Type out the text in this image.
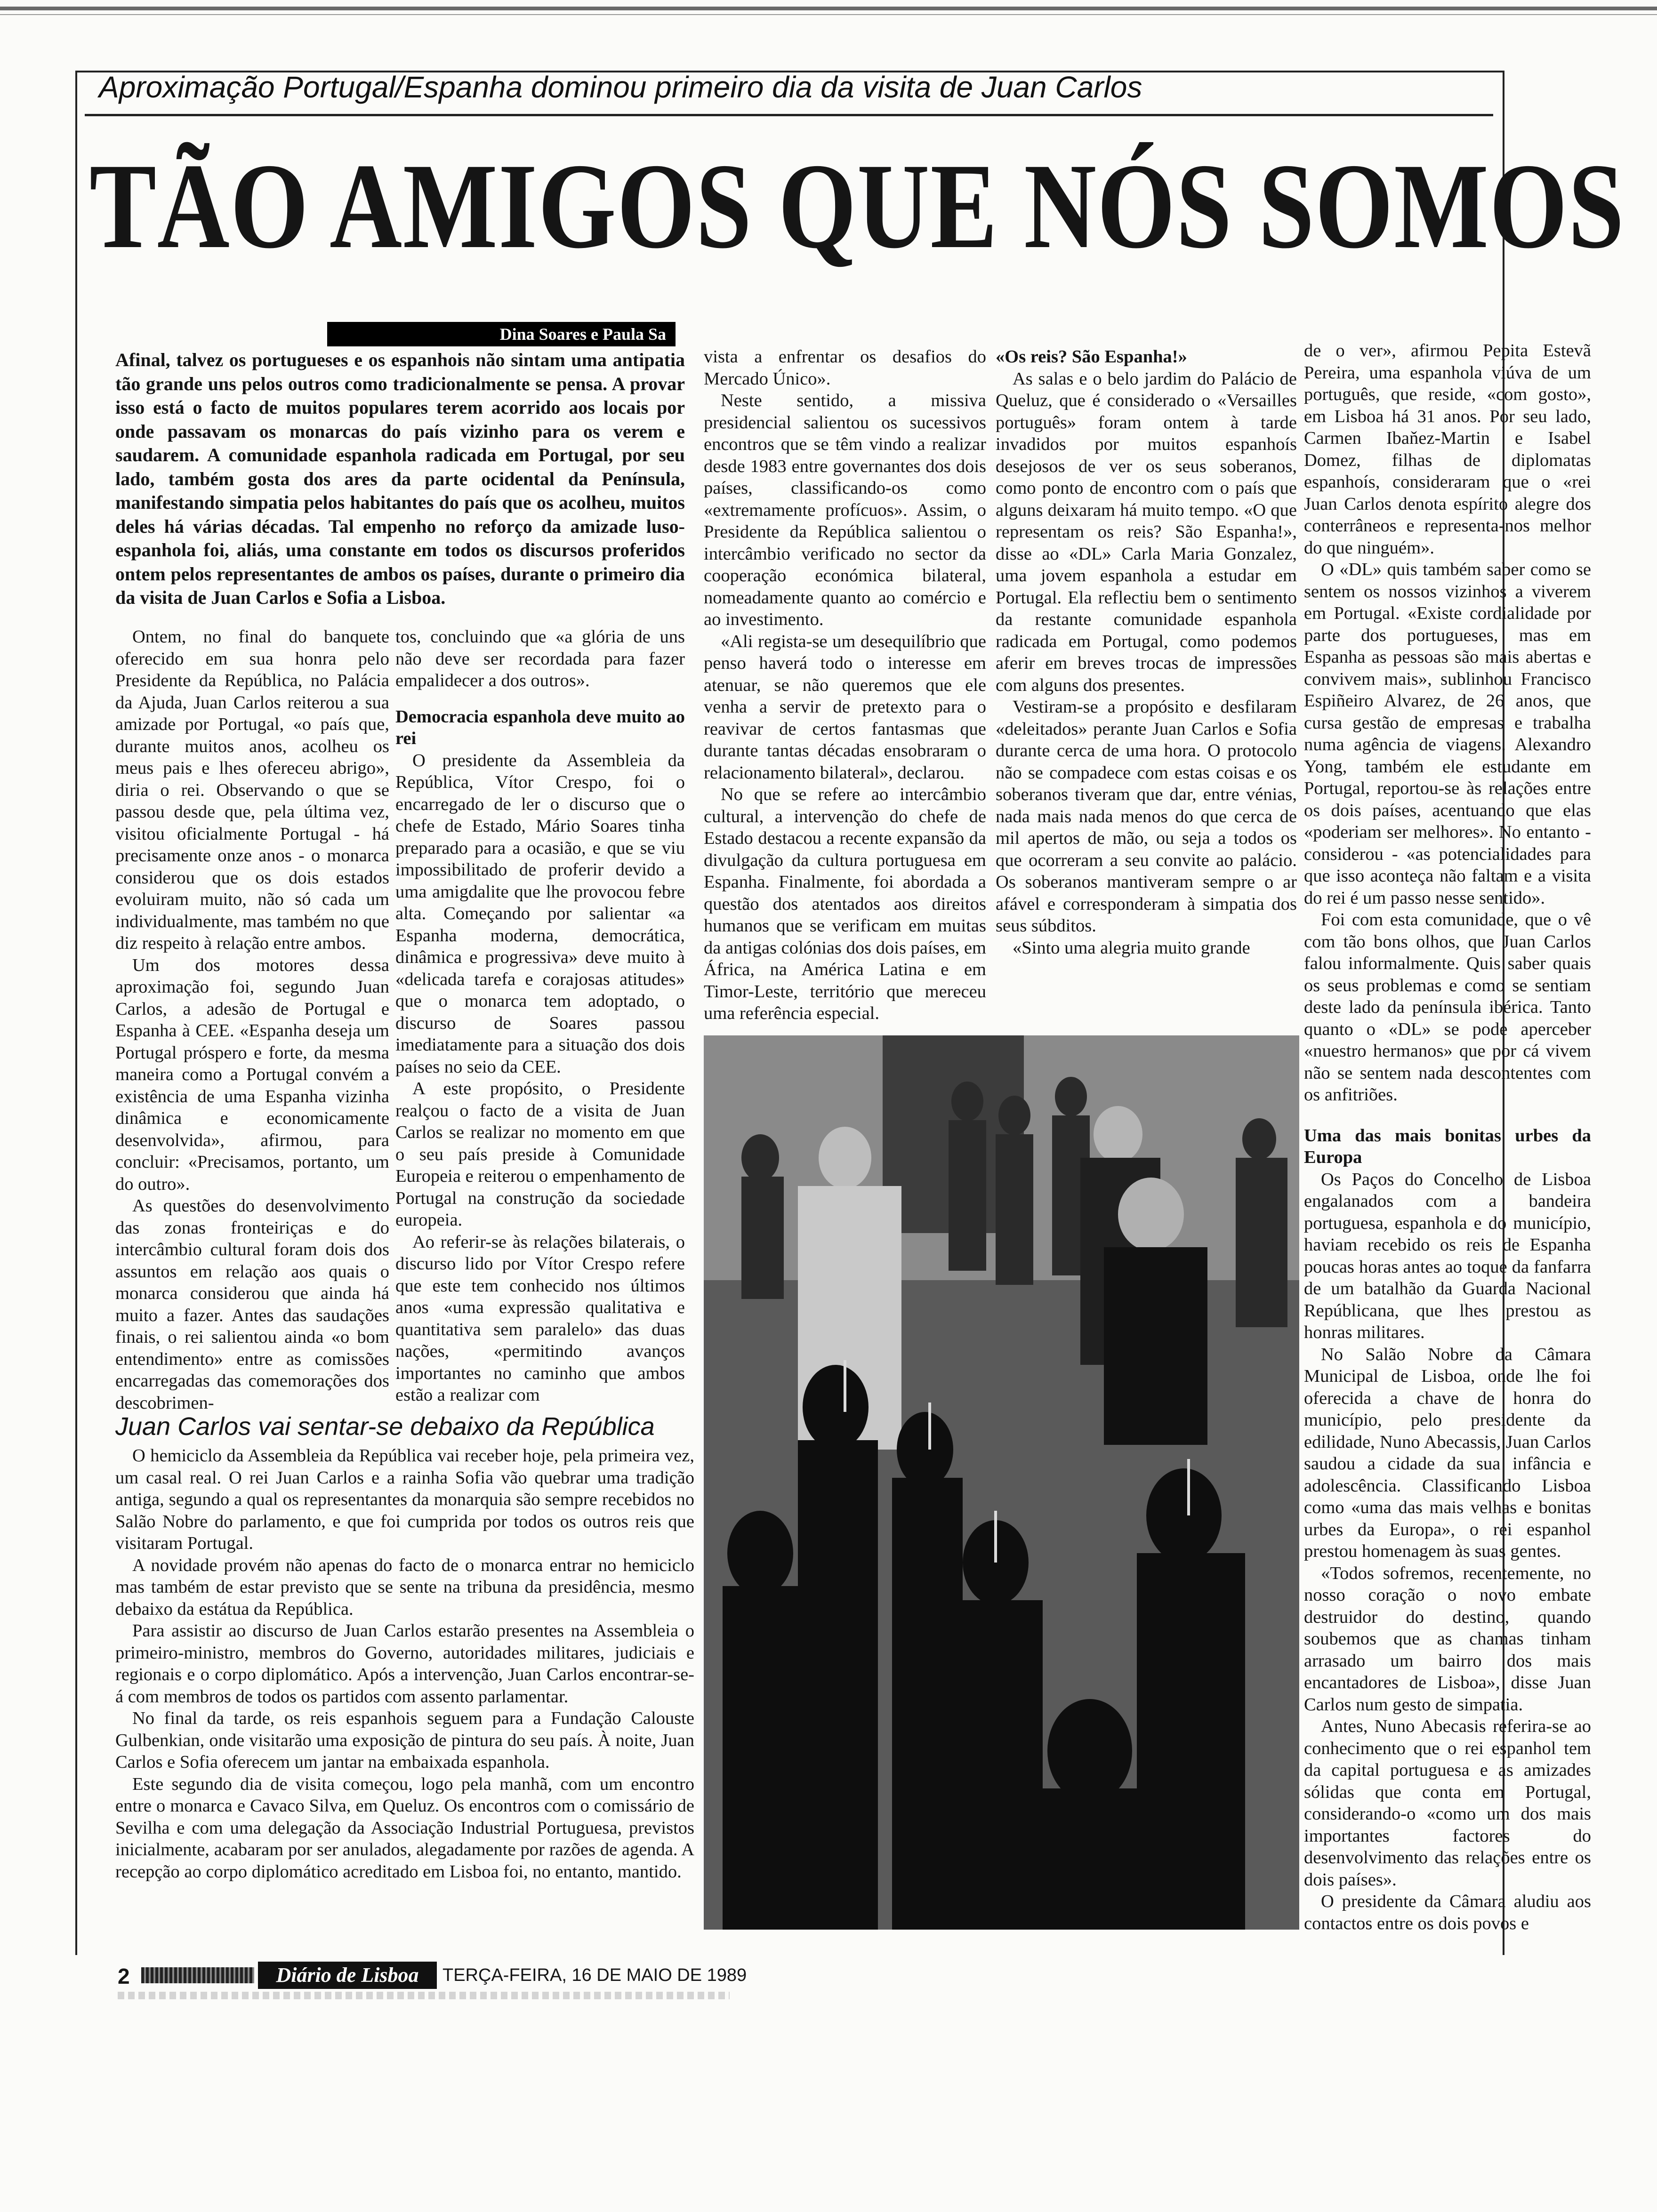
Aproximação Portugal/Espanha dominou primeiro dia da visita de Juan Carlos
TÃO AMIGOS QUE NÓS SOMOS
Dina Soares e Paula Sa
Afinal, talvez os portugueses e os espanhois não sintam uma antipatia tão grande uns pelos outros como tradicionalmente se pensa. A provar isso está o facto de muitos populares terem acorrido aos locais por onde passavam os monarcas do país vizinho para os verem e saudarem. A comunidade espanhola radicada em Portugal, por seu lado, também gosta dos ares da parte ocidental da Península, manifestando simpatia pelos habitantes do país que os acolheu, muitos deles há várias décadas. Tal empenho no reforço da amizade luso-espanhola foi, aliás, uma constante em todos os discursos proferidos ontem pelos representantes de ambos os países, durante o primeiro dia da visita de Juan Carlos e Sofia a Lisboa.

Ontem, no final do banquete oferecido em sua honra pelo Presidente da República, no Palácia da Ajuda, Juan Carlos reiterou a sua amizade por Portugal, «o país que, durante muitos anos, acolheu os meus pais e lhes ofereceu abrigo», diria o rei. Observando o que se passou desde que, pela última vez, visitou oficialmente Portugal - há precisamente onze anos - o monarca considerou que os dois estados evoluiram muito, não só cada um individualmente, mas também no que diz respeito à relação entre ambos.

Um dos motores dessa aproximação foi, segundo Juan Carlos, a adesão de Portugal e Espanha à CEE. «Espanha deseja um Portugal próspero e forte, da mesma maneira como a Portugal convém a existência de uma Espanha vizinha dinâmica e economicamente desenvolvida», afirmou, para concluir: «Precisamos, portanto, um do outro».

As questões do desenvolvimento das zonas fronteiriças e do intercâmbio cultural foram dois dos assuntos em relação aos quais o monarca considerou que ainda há muito a fazer. Antes das saudações finais, o rei salientou ainda «o bom entendimento» entre as comissões encarregadas das comemorações dos descobrimen-

tos, concluindo que «a glória de uns não deve ser recordada para fazer empalidecer a dos outros».

Democracia espanhola deve muito ao rei

O presidente da Assembleia da República, Vítor Crespo, foi o encarregado de ler o discurso que o chefe de Estado, Mário Soares tinha preparado para a ocasião, e que se viu impossibilitado de proferir devido a uma amigdalite que lhe provocou febre alta. Começando por salientar «a Espanha moderna, democrática, dinâmica e progressiva» deve muito à «delicada tarefa e corajosas atitudes» que o monarca tem adoptado, o discurso de Soares passou imediatamente para a situação dos dois países no seio da CEE.

A este propósito, o Presidente realçou o facto de a visita de Juan Carlos se realizar no momento em que o seu país preside à Comunidade Europeia e reiterou o empenhamento de Portugal na construção da sociedade europeia.

Ao referir-se às relações bilaterais, o discurso lido por Vítor Crespo refere que este tem conhecido nos últimos anos «uma expressão qualitativa e quantitativa sem paralelo» das duas nações, «permitindo avanços importantes no caminho que ambos estão a realizar com

vista a enfrentar os desafios do Mercado Único».

Neste sentido, a missiva presidencial salientou os sucessivos encontros que se têm vindo a realizar desde 1983 entre governantes dos dois países, classificando-os como «extremamente profícuos». Assim, o Presidente da República salientou o intercâmbio verificado no sector da cooperação económica bilateral, nomeadamente quanto ao comércio e ao investimento.

«Ali regista-se um desequilíbrio que penso haverá todo o interesse em atenuar, se não queremos que ele venha a servir de pretexto para o reavivar de certos fantasmas que durante tantas décadas ensobraram o relacionamento bilateral», declarou.

No que se refere ao intercâmbio cultural, a intervenção do chefe de Estado destacou a recente expansão da divulgação da cultura portuguesa em Espanha. Finalmente, foi abordada a questão dos atentados aos direitos humanos que se verificam em muitas da antigas colónias dos dois países, em África, na América Latina e em Timor-Leste, território que mereceu uma referência especial.

«Os reis? São Espanha!»

As salas e o belo jardim do Palácio de Queluz, que é considerado o «Versailles português» foram ontem à tarde invadidos por muitos espanhoís desejosos de ver os seus soberanos, como ponto de encontro com o país que alguns deixaram há muito tempo. «O que representam os reis? São Espanha!», disse ao «DL» Carla Maria Gonzalez, uma jovem espanhola a estudar em Portugal. Ela reflectiu bem o sentimento da restante comunidade espanhola radicada em Portugal, como podemos aferir em breves trocas de impressões com alguns dos presentes.

Vestiram-se a propósito e desfilaram «deleitados» perante Juan Carlos e Sofia durante cerca de uma hora. O protocolo não se compadece com estas coisas e os soberanos tiveram que dar, entre vénias, nada mais nada menos do que cerca de mil apertos de mão, ou seja a todos os que ocorreram a seu convite ao palácio. Os soberanos mantiveram sempre o ar afável e corresponderam à simpatia dos seus súbditos.

«Sinto uma alegria muito grande

de o ver», afirmou Pepita Estevã Pereira, uma espanhola viúva de um português, que reside, «com gosto», em Lisboa há 31 anos. Por seu lado, Carmen Ibaňez-Martin e Isabel Domez, filhas de diplomatas espanhoís, consideraram que o «rei Juan Carlos denota espírito alegre dos conterrâneos e representa-nos melhor do que ninguém».

O «DL» quis também saber como se sentem os nossos vizinhos a viverem em Portugal. «Existe cordialidade por parte dos portugueses, mas em Espanha as pessoas são mais abertas e convivem mais», sublinhou Francisco Espiñeiro Alvarez, de 26 anos, que cursa gestão de empresas e trabalha numa agência de viagens. Alexandro Yong, também ele estudante em Portugal, reportou-se às relações entre os dois países, acentuando que elas «poderiam ser melhores». No entanto - considerou - «as potencialidades para que isso aconteça não faltam e a visita do rei é um passo nesse sentido».

Foi com esta comunidade, que o vê com tão bons olhos, que Juan Carlos falou informalmente. Quis saber quais os seus problemas e como se sentiam deste lado da península ibérica. Tanto quanto o «DL» se pode aperceber «nuestro hermanos» que por cá vivem não se sentem nada descontentes com os anfitriões.

Uma das mais bonitas urbes da Europa

Os Paços do Concelho de Lisboa engalanados com a bandeira portuguesa, espanhola e do município, haviam recebido os reis de Espanha poucas horas antes ao toque da fanfarra de um batalhão da Guarda Nacional Repúblicana, que lhes prestou as honras militares.

No Salão Nobre da Câmara Municipal de Lisboa, onde lhe foi oferecida a chave de honra do município, pelo presidente da edilidade, Nuno Abecassis, Juan Carlos saudou a cidade da sua infância e adolescência. Classificando Lisboa como «uma das mais velhas e bonitas urbes da Europa», o rei espanhol prestou homenagem às suas gentes.

«Todos sofremos, recentemente, no nosso coração o novo embate destruidor do destino, quando soubemos que as chamas tinham arrasado um bairro dos mais encantadores de Lisboa», disse Juan Carlos num gesto de simpatia.

Antes, Nuno Abecasis referira-se ao conhecimento que o rei espanhol tem da capital portuguesa e as amizades sólidas que conta em Portugal, considerando-o «como um dos mais importantes factores do desenvolvimento das relações entre os dois países».

O presidente da Câmara aludiu aos contactos entre os dois povos e

Juan Carlos vai sentar-se debaixo da República

O hemiciclo da Assembleia da República vai receber hoje, pela primeira vez, um casal real. O rei Juan Carlos e a rainha Sofia vão quebrar uma tradição antiga, segundo a qual os representantes da monarquia são sempre recebidos no Salão Nobre do parlamento, e que foi cumprida por todos os outros reis que visitaram Portugal.

A novidade provém não apenas do facto de o monarca entrar no hemiciclo mas também de estar previsto que se sente na tribuna da presidência, mesmo debaixo da estátua da República.

Para assistir ao discurso de Juan Carlos estarão presentes na Assembleia o primeiro-ministro, membros do Governo, autoridades militares, judiciais e regionais e o corpo diplomático. Após a intervenção, Juan Carlos encontrar-se-á com membros de todos os partidos com assento parlamentar.

No final da tarde, os reis espanhois seguem para a Fundação Calouste Gulbenkian, onde visitarão uma exposição de pintura do seu país. À noite, Juan Carlos e Sofia oferecem um jantar na embaixada espanhola.

Este segundo dia de visita começou, logo pela manhã, com um encontro entre o monarca e Cavaco Silva, em Queluz. Os encontros com o comissário de Sevilha e com uma delegação da Associação Industrial Portuguesa, previstos inicialmente, acabaram por ser anulados, alegadamente por razões de agenda. A recepção ao corpo diplomático acreditado em Lisboa foi, no entanto, mantido.

2	Diário de Lisboa	TERÇA-FEIRA, 16 DE MAIO DE 1989
